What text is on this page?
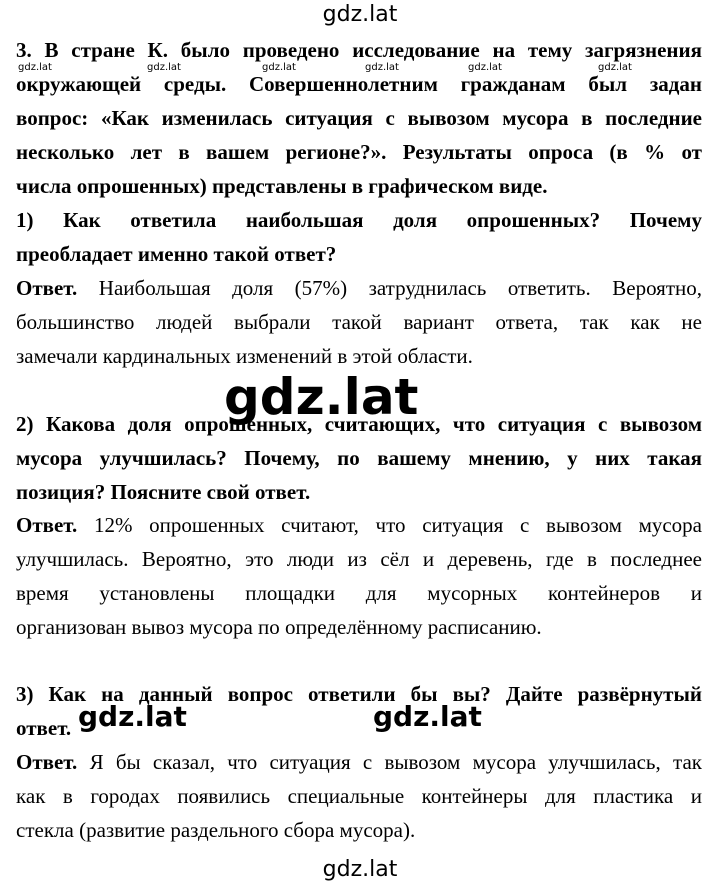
gdz.lat
gdz.lat	gdz.lat	gdz.lat	gdz.lat	gdz.lat	gdz.lat
3. В стране К. было проведено исследование на тему загрязнения
окружающей среды. Совершеннолетним гражданам был задан
вопрос: «Как изменилась ситуация с вывозом мусора в последние
несколько лет в вашем регионе?». Результаты опроса (в % от
числа опрошенных) представлены в графическом виде.
1) Как ответила наибольшая доля опрошенных? Почему
преобладает именно такой ответ?
Ответ. Наибольшая доля (57%) затруднилась ответить. Вероятно,
большинство людей выбрали такой вариант ответа, так как не
замечали кардинальных изменений в этой области.
gdz.lat
2) Какова доля опрошенных, считающих, что ситуация с вывозом
мусора улучшилась? Почему, по вашему мнению, у них такая
позиция? Поясните свой ответ.
Ответ. 12% опрошенных считают, что ситуация с вывозом мусора
улучшилась. Вероятно, это люди из сёл и деревень, где в последнее
время установлены площадки для мусорных контейнеров и
организован вывоз мусора по определённому расписанию.
3) Как на данный вопрос ответили бы вы? Дайте развёрнутый
ответ. gdz.lat	gdz.lat
Ответ. Я бы сказал, что ситуация с вывозом мусора улучшилась, так
как в городах появились специальные контейнеры для пластика и
стекла (развитие раздельного сбора мусора).
gdz.lat
